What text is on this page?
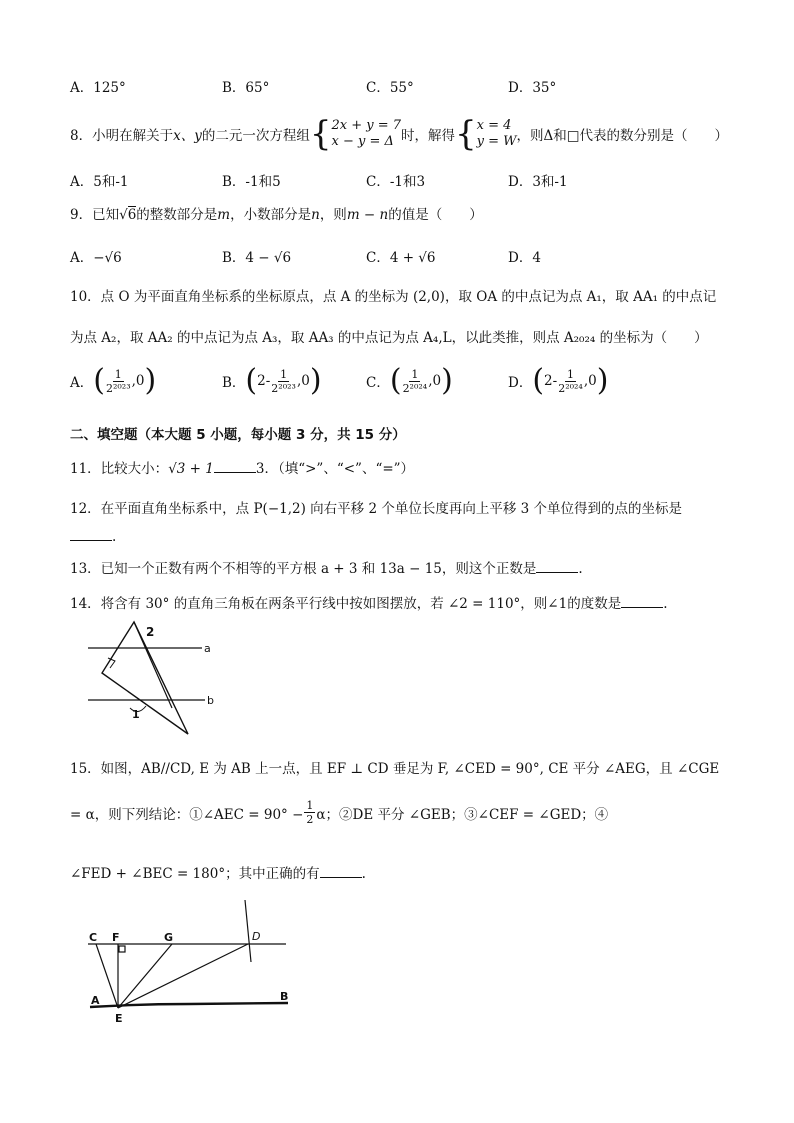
A．125°	B．65°	C．55°	D．35°
8．小明在解关于 x、y 的二元一次方程组 { 2x + y = 7
x − y = Δ 时，解得 { x = 4
y = W ，则Δ和□代表的数分别是（　　）
A．5和-1	B．-1和5	C．-1和3	D．3和-1
9．已知√6的整数部分是m，小数部分是n，则m − n的值是（　　）
A．−√6	B．4 − √6	C．4 + √6	D．4
10．点 O 为平面直角坐标系的坐标原点，点 A 的坐标为 (2,0)，取 OA 的中点记为点 A₁，取 AA₁ 的中点记
为点 A₂，取 AA₂ 的中点记为点 A₃，取 AA₃ 的中点记为点 A₄,L，以此类推，则点 A₂₀₂₄ 的坐标为（　　）
A． ( $\frac{1}{\text{2²⁰²³}} ,0$ )	B． ( $2- \frac{1}{\text{2²⁰²³}} ,0$ )	C． ( $\frac{1}{\text{2²⁰²⁴}} ,0$ )	D． ( $2- \frac{1}{\text{2²⁰²⁴}} ,0$ )
二、填空题（本大题 5 小题，每小题 3 分，共 15 分）
11．比较大小：√3 + 1	3．（填“>”、“<”、“=”）
12．在平面直角坐标系中，点 P(−1,2) 向右平移 2 个单位长度再向上平移 3 个单位得到的点的坐标是
.
13．已知一个正数有两个不相等的平方根 a + 3 和 13a − 15，则这个正数是	.
14．将含有 30° 的直角三角板在两条平行线中按如图摆放，若 ∠2 = 110°，则∠1的度数是	.
a
b
1
2
15．如图，AB//CD, E 为 AB 上一点，且 EF ⊥ CD 垂足为 F, ∠CED = 90°, CE 平分 ∠AEG，且 ∠CGE
= α，则下列结论：①∠AEC = $90^\circ - \frac{1}{2}$ α；②DE 平分 ∠GEB；③∠CEF = ∠GED；④
∠FED + ∠BEC = 180°；其中正确的有	.
C F	G	D
A
E
B
